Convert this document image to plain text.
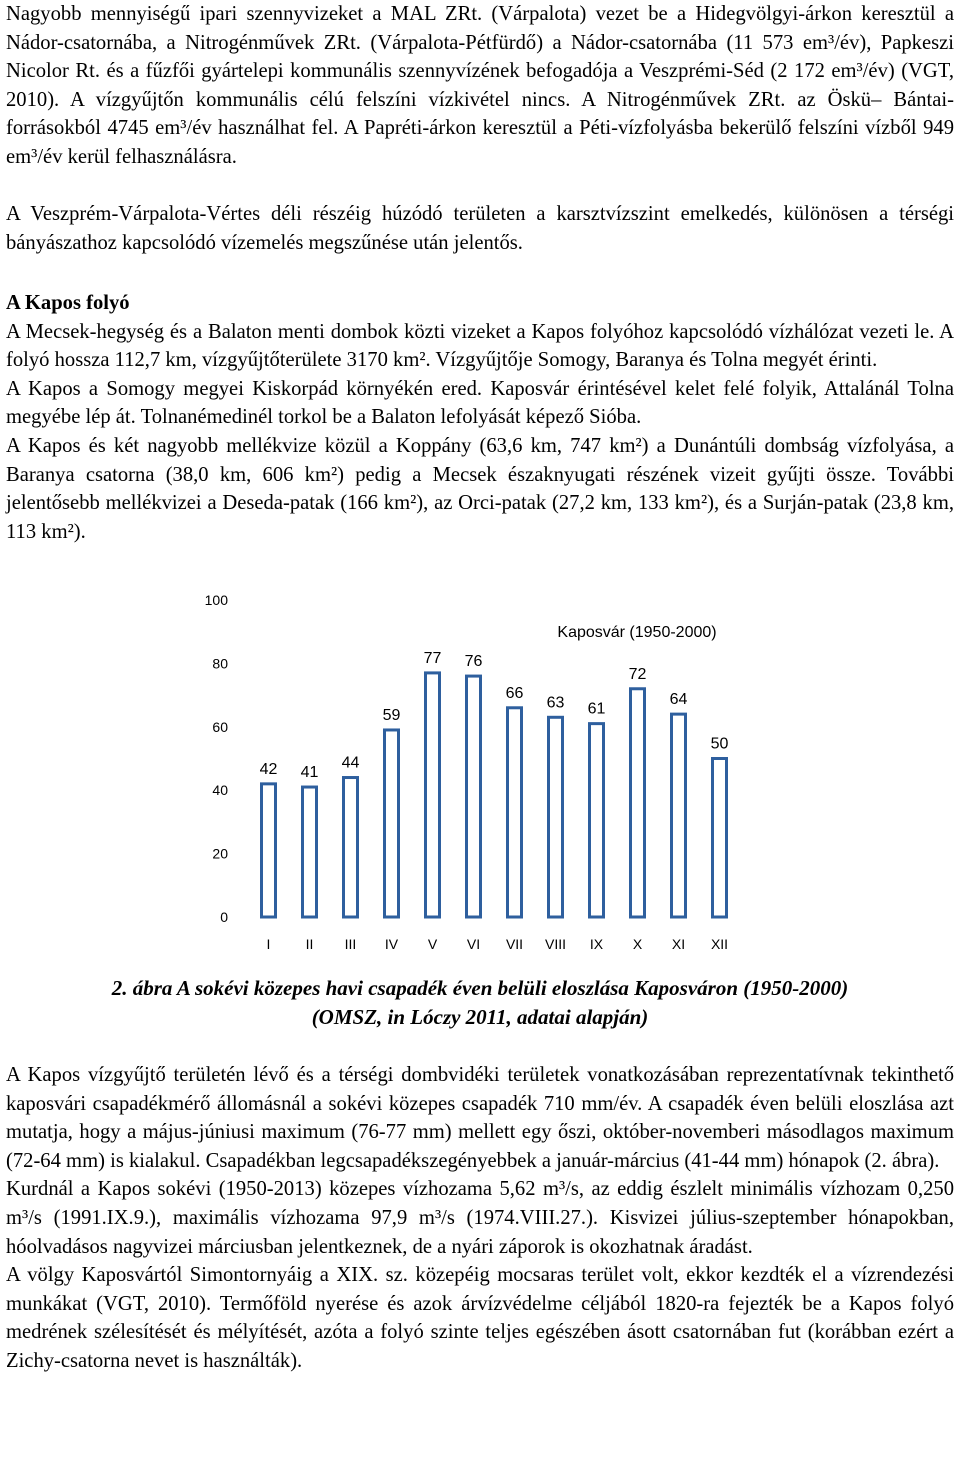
Nagyobb mennyiségű ipari szennyvizeket a MAL ZRt. (Várpalota) vezet be a Hidegvölgyi-árkon keresztül a Nádor-csatornába, a Nitrogénművek ZRt. (Várpalota-Pétfürdő) a Nádor-csatornába (11 573 em³/év), Papkeszi Nicolor Rt. és a fűzfői gyártelepi kommunális szennyvízének befogadója a Veszprémi-Séd (2 172 em³/év) (VGT, 2010). A vízgyűjtőn kommunális célú felszíni vízkivétel nincs. A Nitrogénművek ZRt. az Öskü– Bántai-forrásokból 4745 em³/év használhat fel. A Papréti-árkon keresztül a Péti-vízfolyásba bekerülő felszíni vízből 949 em³/év kerül felhasználásra.

A Veszprém-Várpalota-Vértes déli részéig húzódó területen a karsztvízszint emelkedés, különösen a térségi bányászathoz kapcsolódó vízemelés megszűnése után jelentős.

A Kapos folyó

A Mecsek-hegység és a Balaton menti dombok közti vizeket a Kapos folyóhoz kapcsolódó vízhálózat vezeti le. A folyó hossza 112,7 km, vízgyűjtőterülete 3170 km². Vízgyűjtője Somogy, Baranya és Tolna megyét érinti.

A Kapos a Somogy megyei Kiskorpád környékén ered. Kaposvár érintésével kelet felé folyik, Attalánál Tolna megyébe lép át. Tolnanémedinél torkol be a Balaton lefolyását képező Sióba.

A Kapos és két nagyobb mellékvize közül a Koppány (63,6 km, 747 km²) a Dunántúli dombság vízfolyása, a Baranya csatorna (38,0 km, 606 km²) pedig a Mecsek északnyugati részének vizeit gyűjti össze. További jelentősebb mellékvizei a Deseda-patak (166 km²), az Orci-patak (27,2 km, 133 km²), és a Surján-patak (23,8 km, 113 km²).

0
20
40
60
80
100
42 41
44
59
77 76
66
63 61
72
64
50
I	II III IV V VI VII VIII IX X XI XII
Kaposvár (1950-2000)
2. ábra A sokévi közepes havi csapadék éven belüli eloszlása Kaposváron (1950-2000)
(OMSZ, in Lóczy 2011, adatai alapján)

A Kapos vízgyűjtő területén lévő és a térségi dombvidéki területek vonatkozásában reprezentatívnak tekinthető kaposvári csapadékmérő állomásnál a sokévi közepes csapadék 710 mm/év. A csapadék éven belüli eloszlása azt mutatja, hogy a május-júniusi maximum (76-77 mm) mellett egy őszi, október-novemberi másodlagos maximum (72-64 mm) is kialakul. Csapadékban legcsapadékszegényebbek a január-március (41-44 mm) hónapok (2. ábra).

Kurdnál a Kapos sokévi (1950-2013) közepes vízhozama 5,62 m³/s, az eddig észlelt minimális vízhozam 0,250 m³/s (1991.IX.9.), maximális vízhozama 97,9 m³/s (1974.VIII.27.). Kisvizei július-szeptember hónapokban, hóolvadásos nagyvizei márciusban jelentkeznek, de a nyári záporok is okozhatnak áradást.

A völgy Kaposvártól Simontornyáig a XIX. sz. közepéig mocsaras terület volt, ekkor kezdték el a vízrendezési munkákat (VGT, 2010). Termőföld nyerése és azok árvízvédelme céljából 1820-ra fejezték be a Kapos folyó medrének szélesítését és mélyítését, azóta a folyó szinte teljes egészében ásott csatornában fut (korábban ezért a Zichy-csatorna nevet is használták).
